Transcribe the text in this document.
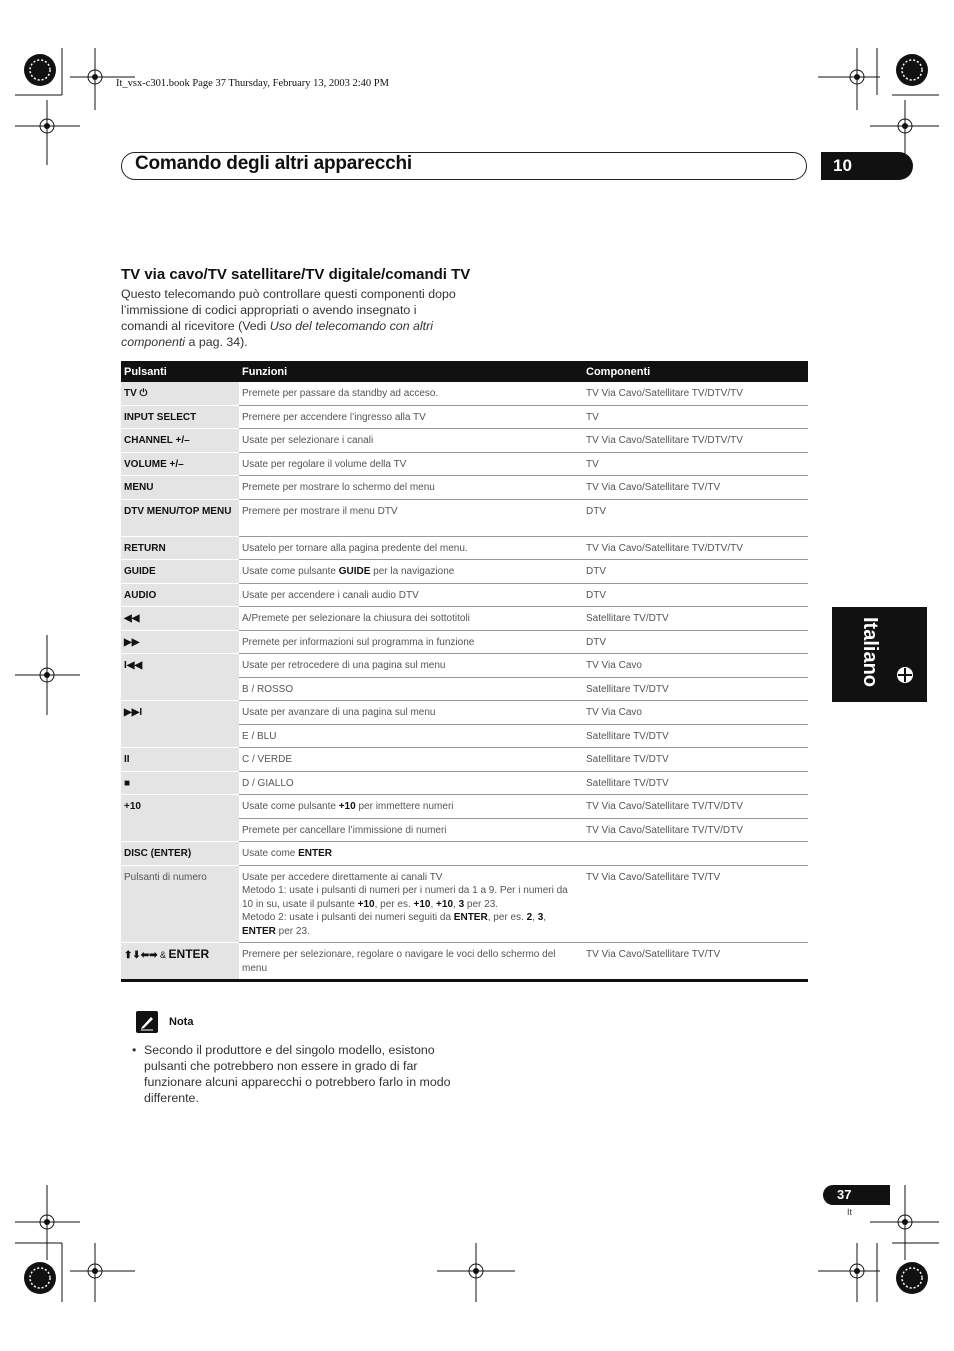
It_vsx-c301.book Page 37 Thursday, February 13, 2003 2:40 PM
Comando degli altri apparecchi	10
Italiano
TV via cavo/TV satellitare/TV digitale/comandi TV
Questo telecomando può controllare questi componenti dopo l’immissione di codici appropriati o avendo insegnato i comandi al ricevitore (Vedi Uso del telecomando con altri componenti a pag. 34).
Pulsanti	Funzioni	Componenti
TV ⏻	Premete per passare da standby ad acceso.	TV Via Cavo/Satellitare TV/DTV/TV
INPUT SELECT	Premere per accendere l’ingresso alla TV	TV
CHANNEL +/–	Usate per selezionare i canali	TV Via Cavo/Satellitare TV/DTV/TV
VOLUME +/–	Usate per regolare il volume della TV	TV
MENU	Premete per mostrare lo schermo del menu	TV Via Cavo/Satellitare TV/TV
DTV MENU/TOP MENU	Premere per mostrare il menu DTV	DTV
RETURN	Usatelo per tornare alla pagina predente del menu.	TV Via Cavo/Satellitare TV/DTV/TV
GUIDE	Usate come pulsante GUIDE per la navigazione	DTV
AUDIO	Usate per accendere i canali audio DTV	DTV
◀◀	A/Premete per selezionare la chiusura dei sottotitoli	Satellitare TV/DTV
▶▶	Premete per informazioni sul programma in funzione	DTV
I◀◀	Usate per retrocedere di una pagina sul menu	TV Via Cavo
	B / ROSSO	Satellitare TV/DTV
▶▶I	Usate per avanzare di una pagina sul menu	TV Via Cavo
	E / BLU	Satellitare TV/DTV
II	C / VERDE	Satellitare TV/DTV
■	D / GIALLO	Satellitare TV/DTV
+10	Usate come pulsante +10 per immettere numeri	TV Via Cavo/Satellitare TV/TV/DTV
	Premete per cancellare l’immissione di numeri	TV Via Cavo/Satellitare TV/TV/DTV
DISC (ENTER)	Usate come ENTER	
Pulsanti di numero	Usate per accedere direttamente ai canali TV
Metodo 1: usate i pulsanti di numeri per i numeri da 1 a 9. Per i numeri da 10 in su, usate il pulsante +10, per es. +10, +10, 3 per 23.
Metodo 2: usate i pulsanti dei numeri seguiti da ENTER, per es. 2, 3, ENTER per 23.	TV Via Cavo/Satellitare TV/TV
⬆⬇⬅➡ & ENTER	Premere per selezionare, regolare o navigare le voci dello schermo del menu	TV Via Cavo/Satellitare TV/TV
Nota
• Secondo il produttore e del singolo modello, esistono pulsanti che potrebbero non essere in grado di far funzionare alcuni apparecchi o potrebbero farlo in modo differente.
37
It
